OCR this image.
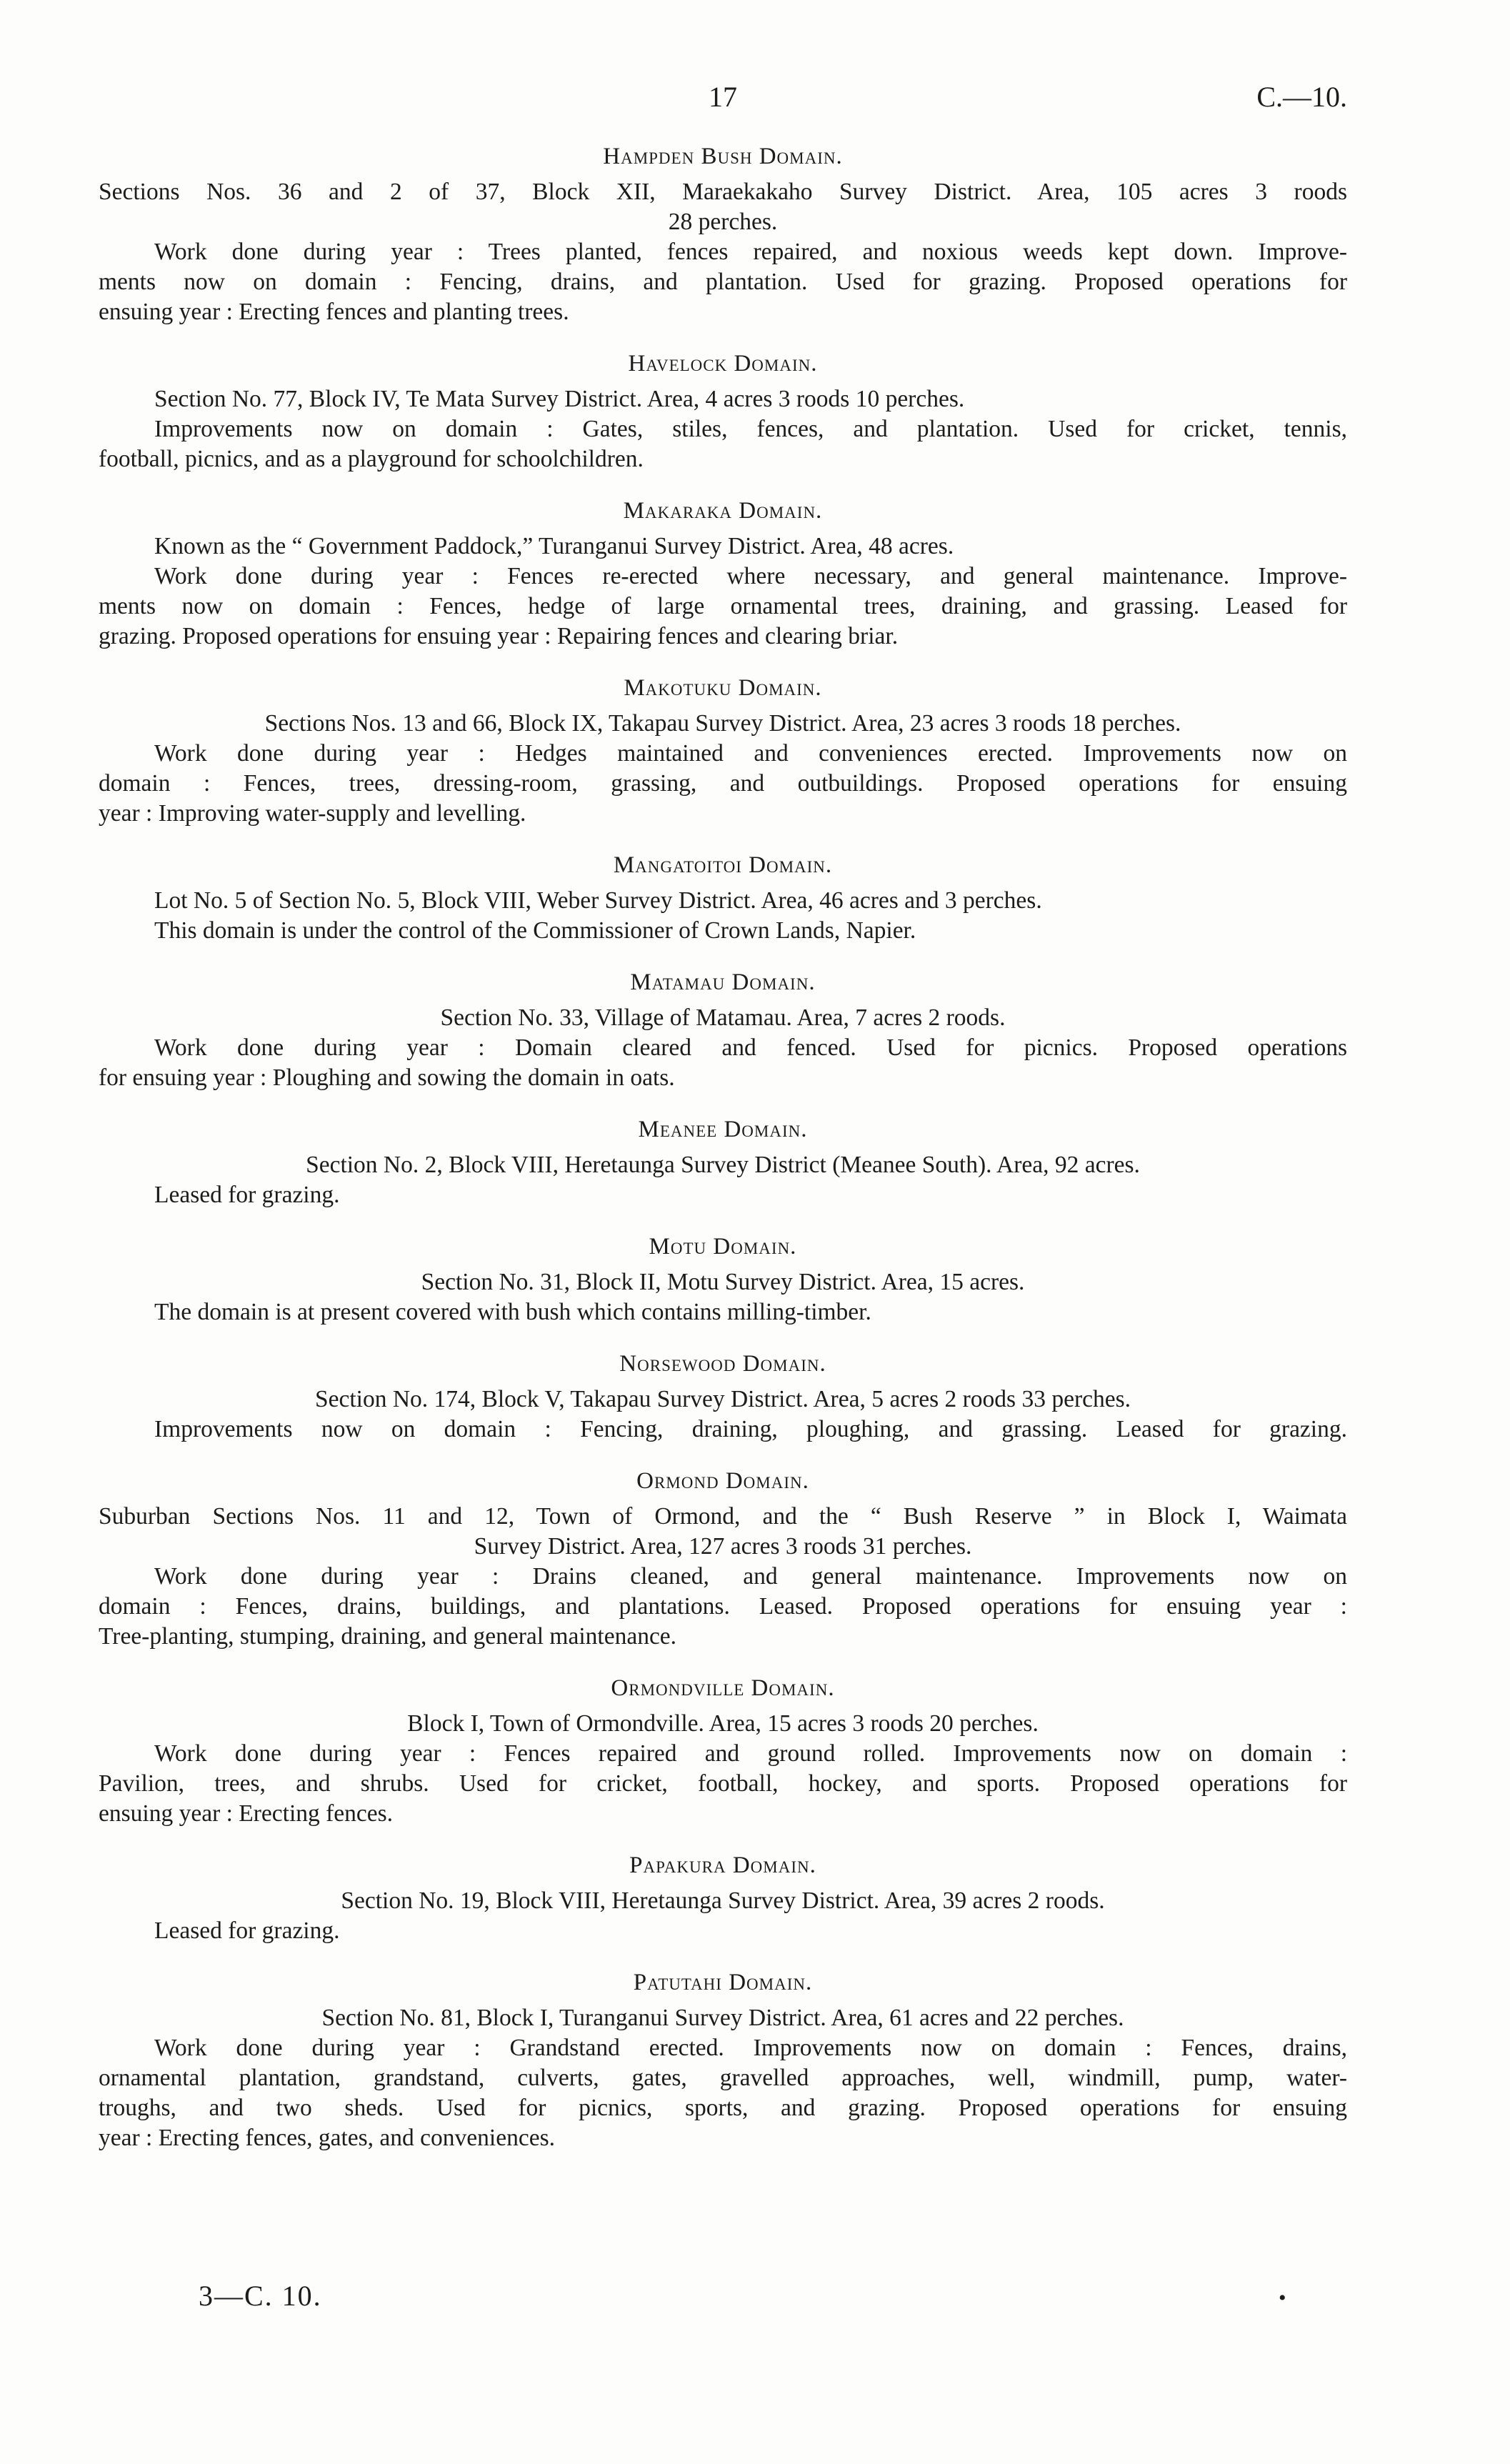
17	C.—10.
Hampden Bush Domain.
Sections Nos. 36 and 2 of 37, Block XII, Maraekakaho Survey District. Area, 105 acres 3 roods
28 perches.
Work done during year : Trees planted, fences repaired, and noxious weeds kept down. Improve-
ments now on domain : Fencing, drains, and plantation. Used for grazing. Proposed operations for
ensuing year : Erecting fences and planting trees.
Havelock Domain.
Section No. 77, Block IV, Te Mata Survey District. Area, 4 acres 3 roods 10 perches.
Improvements now on domain : Gates, stiles, fences, and plantation. Used for cricket, tennis,
football, picnics, and as a playground for schoolchildren.
Makaraka Domain.
Known as the “ Government Paddock,” Turanganui Survey District. Area, 48 acres.
Work done during year : Fences re-erected where necessary, and general maintenance. Improve-
ments now on domain : Fences, hedge of large ornamental trees, draining, and grassing. Leased for
grazing. Proposed operations for ensuing year : Repairing fences and clearing briar.
Makotuku Domain.
Sections Nos. 13 and 66, Block IX, Takapau Survey District. Area, 23 acres 3 roods 18 perches.
Work done during year : Hedges maintained and conveniences erected. Improvements now on
domain : Fences, trees, dressing-room, grassing, and outbuildings. Proposed operations for ensuing
year : Improving water-supply and levelling.
Mangatoitoi Domain.
Lot No. 5 of Section No. 5, Block VIII, Weber Survey District. Area, 46 acres and 3 perches.
This domain is under the control of the Commissioner of Crown Lands, Napier.
Matamau Domain.
Section No. 33, Village of Matamau. Area, 7 acres 2 roods.
Work done during year : Domain cleared and fenced. Used for picnics. Proposed operations
for ensuing year : Ploughing and sowing the domain in oats.
Meanee Domain.
Section No. 2, Block VIII, Heretaunga Survey District (Meanee South). Area, 92 acres.
Leased for grazing.
Motu Domain.
Section No. 31, Block II, Motu Survey District. Area, 15 acres.
The domain is at present covered with bush which contains milling-timber.
Norsewood Domain.
Section No. 174, Block V, Takapau Survey District. Area, 5 acres 2 roods 33 perches.
Improvements now on domain : Fencing, draining, ploughing, and grassing. Leased for grazing.
Ormond Domain.
Suburban Sections Nos. 11 and 12, Town of Ormond, and the “ Bush Reserve ” in Block I, Waimata
Survey District. Area, 127 acres 3 roods 31 perches.
Work done during year : Drains cleaned, and general maintenance. Improvements now on
domain : Fences, drains, buildings, and plantations. Leased. Proposed operations for ensuing year :
Tree-planting, stumping, draining, and general maintenance.
Ormondville Domain.
Block I, Town of Ormondville. Area, 15 acres 3 roods 20 perches.
Work done during year : Fences repaired and ground rolled. Improvements now on domain :
Pavilion, trees, and shrubs. Used for cricket, football, hockey, and sports. Proposed operations for
ensuing year : Erecting fences.
Papakura Domain.
Section No. 19, Block VIII, Heretaunga Survey District. Area, 39 acres 2 roods.
Leased for grazing.
Patutahi Domain.
Section No. 81, Block I, Turanganui Survey District. Area, 61 acres and 22 perches.
Work done during year : Grandstand erected. Improvements now on domain : Fences, drains,
ornamental plantation, grandstand, culverts, gates, gravelled approaches, well, windmill, pump, water-
troughs, and two sheds. Used for picnics, sports, and grazing. Proposed operations for ensuing
year : Erecting fences, gates, and conveniences.
3—C. 10.	•
